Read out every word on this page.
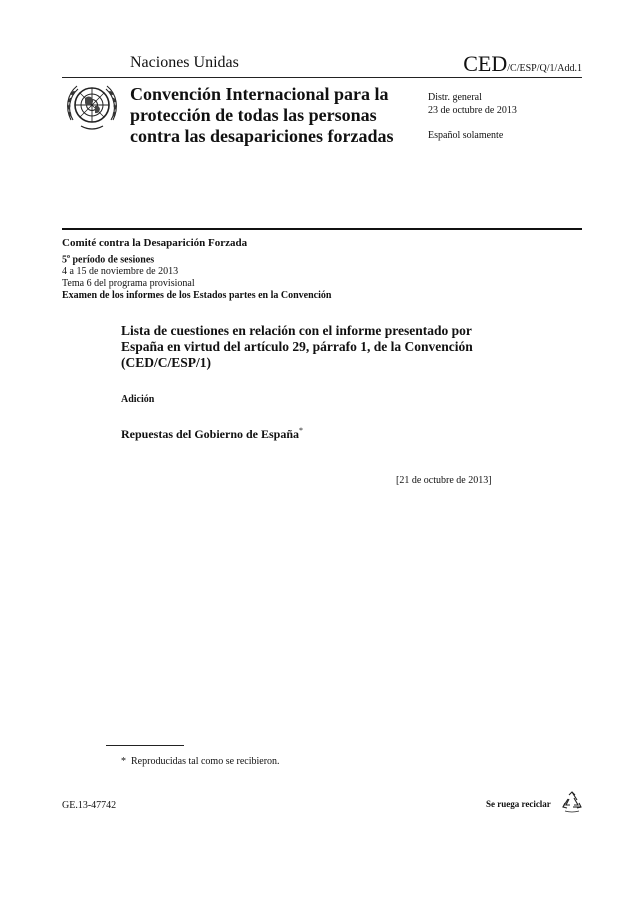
Naciones Unidas	CED/C/ESP/Q/1/Add.1
Convención Internacional para la
protección de todas las personas
contra las desapariciones forzadas
Distr. general
23 de octubre de 2013
Español solamente
Comité contra la Desaparición Forzada
5$^o$ período de sesiones
4 a 15 de noviembre de 2013
Tema 6 del programa provisional
Examen de los informes de los Estados partes en la Convención
Lista de cuestiones en relación con el informe presentado por
España en virtud del artículo 29, párrafo 1, de la Convención
(CED/C/ESP/1)
Adición
Repuestas del Gobierno de España*
[21 de octubre de 2013]
* Reproducidas tal como se recibieron.
GE.13-47742	Se ruega reciclar
